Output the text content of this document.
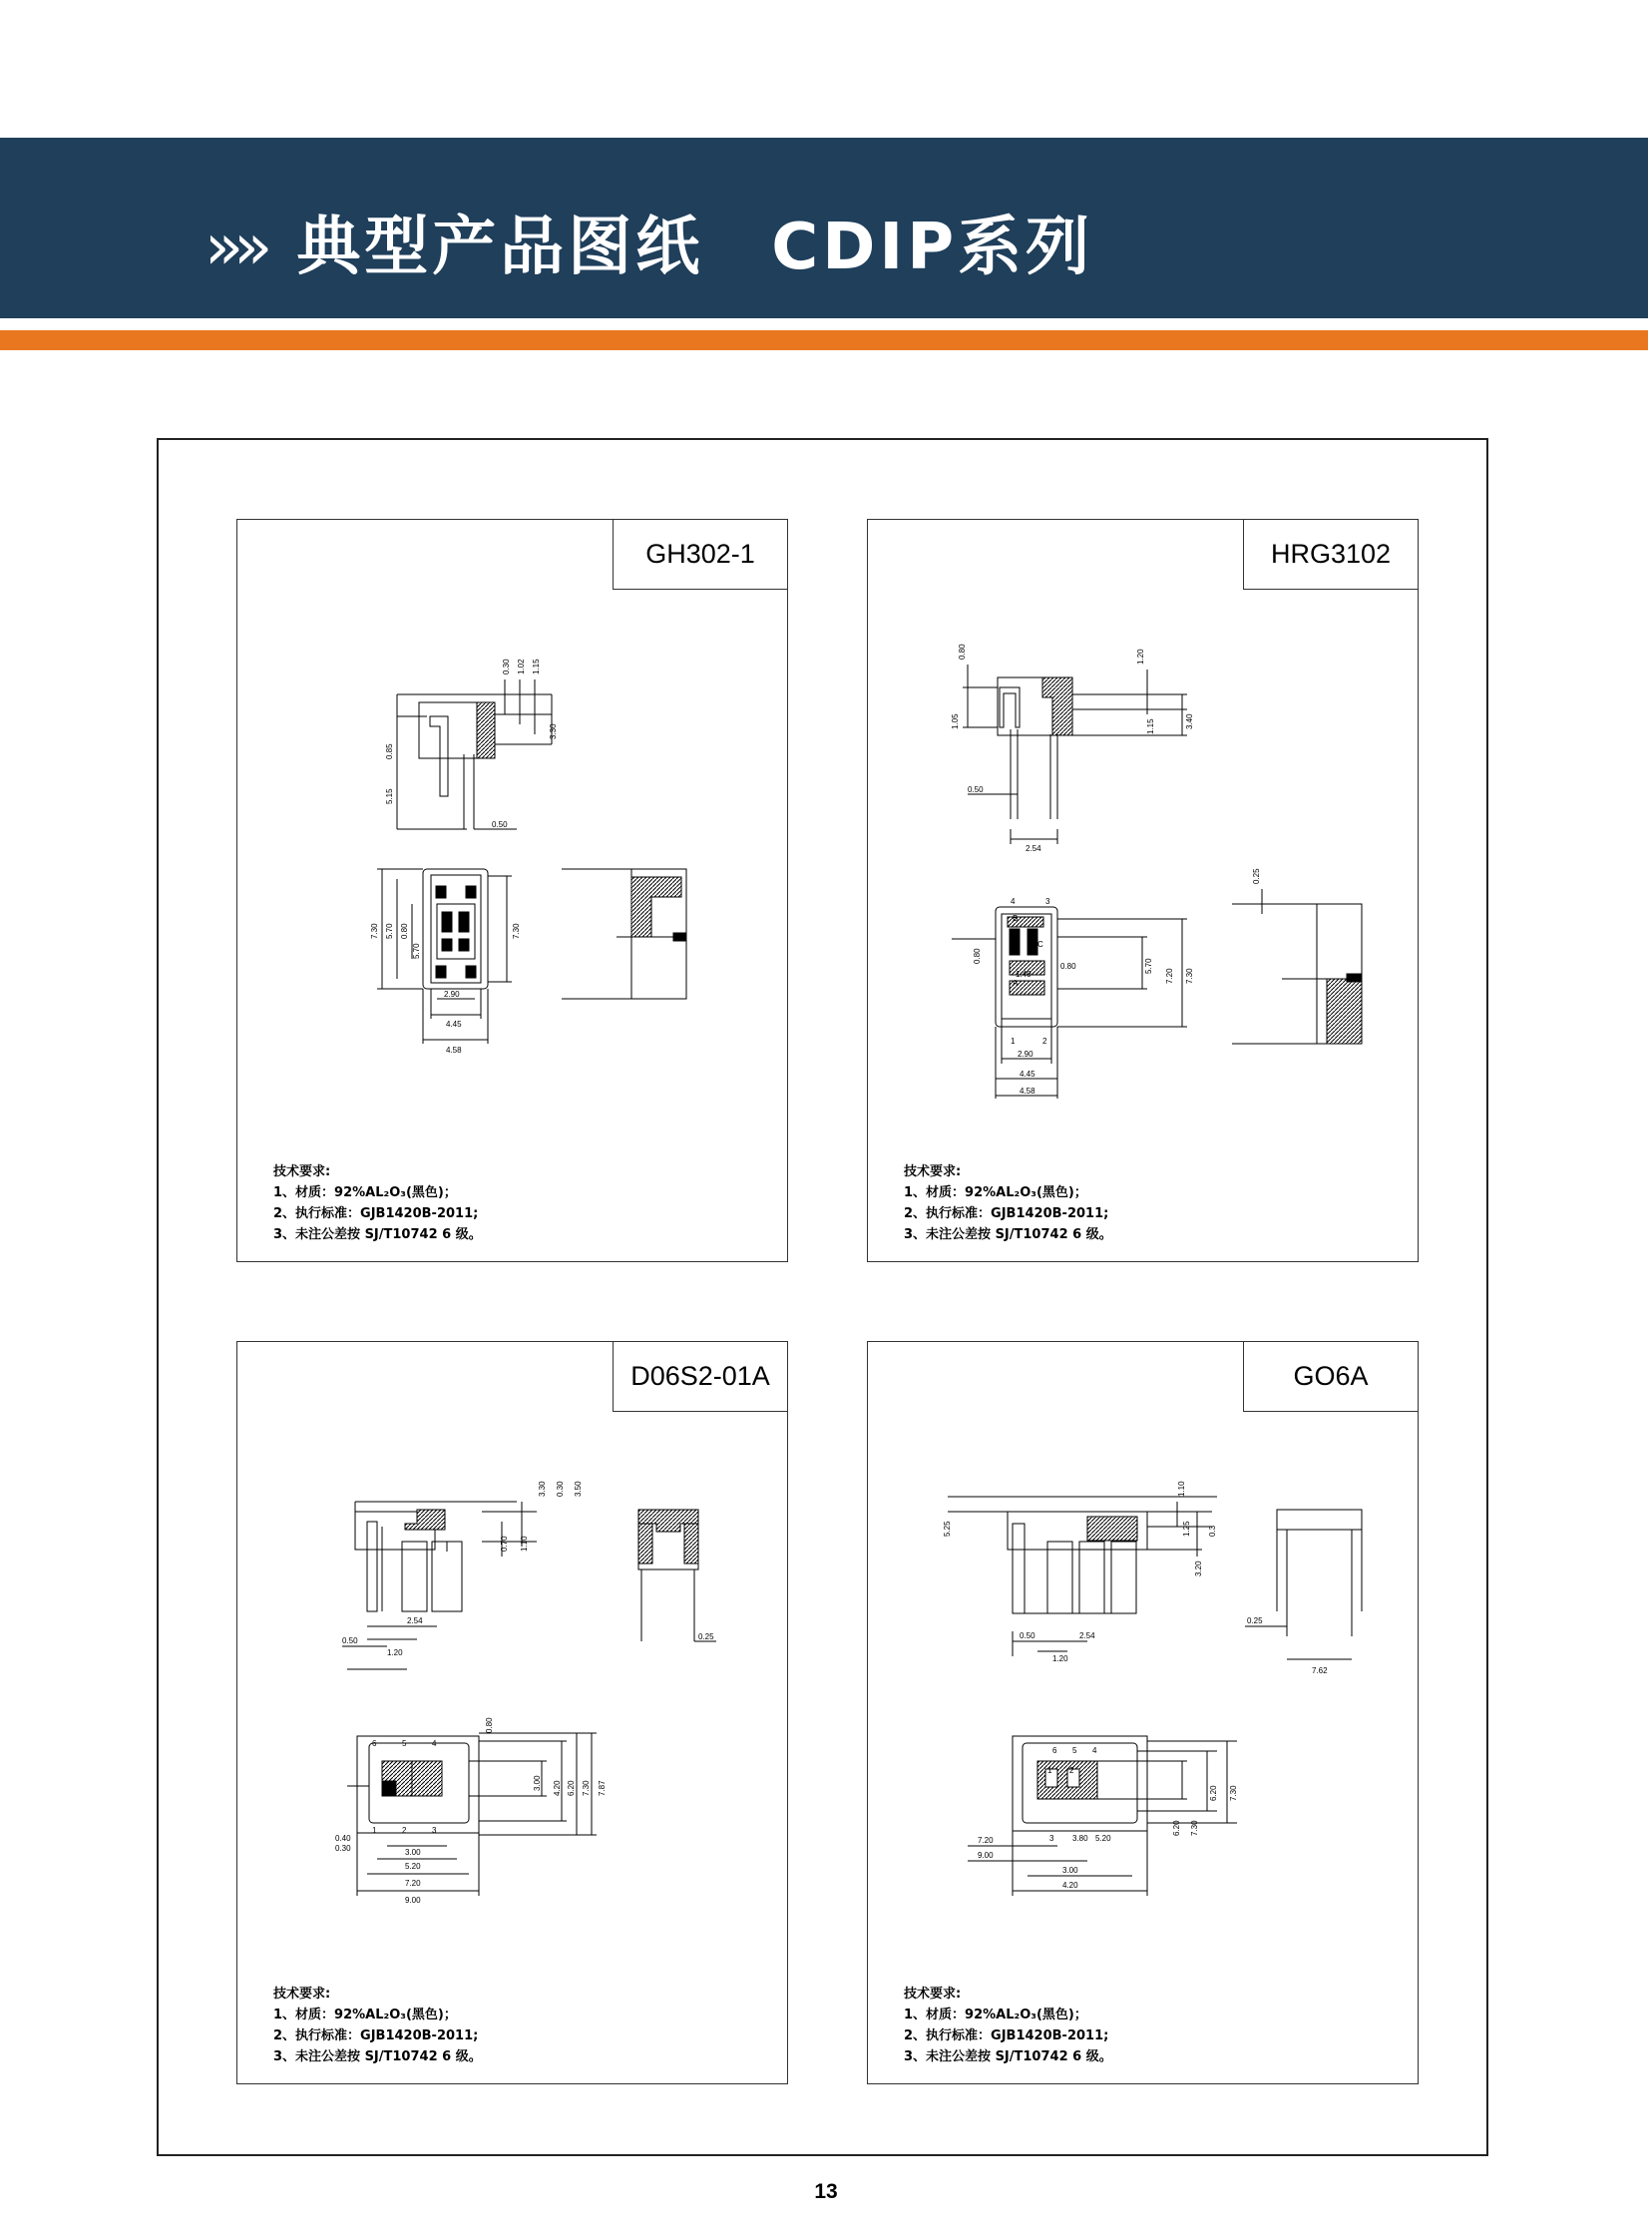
»» 典型产品图纸　CDIP系列
GH302-1
0.30 1.02 1.15
3.30
0.85
5.15
0.50
7.30 5.70 0.80
5.70
7.30
2.90
4.45
4.58
技术要求:
1、材质：92%AL₂O₃(黑色)；
2、执行标准：GJB1420B-2011;
3、未注公差按 SJ/T10742 6 级。
HRG3102
0.80	1.20
1.05	1.15	3.40
0.50
2.54
4	3
B
D C
A
1	2
0.80
1.40
0.80	5.70
7.20 7.30
2.90
4.45
4.58
0.25
技术要求:
1、材质：92%AL₂O₃(黑色)；
2、执行标准：GJB1420B-2011;
3、未注公差按 SJ/T10742 6 级。
D06S2-01A
3.30 0.30 3.50
0.70 1.10
2.54
0.50
1.20
0.25
0.80
3.00 4.20 6.20 7.30 7.87
0.40
0.30	3.00
5.20
7.20
9.00
6	5	4
1	2	3
技术要求:
1、材质：92%AL₂O₃(黑色)；
2、执行标准：GJB1420B-2011;
3、未注公差按 SJ/T10742 6 级。
GO6A
1.10
5.25	1.25 0.3
3.20
0.25
0.50	2.54
1.20
7.62
6 5 4
1 2
3 3.80 5.20
7.20
9.00
3.00
4.20
6.20 7.30
6.20 7.30
技术要求:
1、材质：92%AL₂O₃(黑色)；
2、执行标准：GJB1420B-2011;
3、未注公差按 SJ/T10742 6 级。
13
